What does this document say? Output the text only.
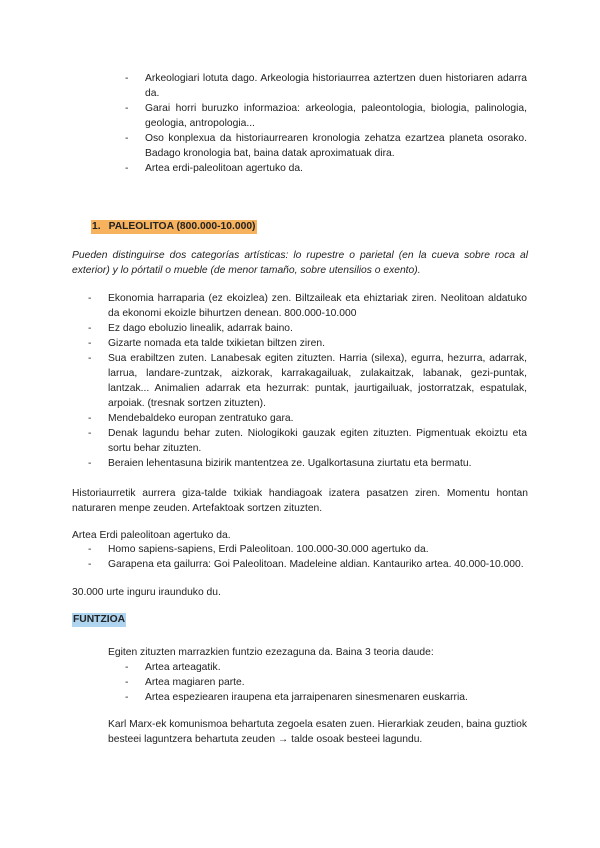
- Arkeologiari lotuta dago. Arkeologia historiaurrea aztertzen duen historiaren adarra da.
- Garai horri buruzko informazioa: arkeologia, paleontologia, biologia, palinologia, geologia, antropologia...
- Oso konplexua da historiaurrearen kronologia zehatza ezartzea planeta osorako. Badago kronologia bat, baina datak aproximatuak dira.
- Artea erdi-paleolitoan agertuko da.
1. PALEOLITOA (800.000-10.000)
Pueden distinguirse dos categorías artísticas: lo rupestre o parietal (en la cueva sobre roca al exterior) y lo pórtatil o mueble (de menor tamaño, sobre utensilios o exento).
- Ekonomia harraparia (ez ekoizlea) zen. Biltzaileak eta ehiztariak ziren. Neolitoan aldatuko da ekonomi ekoizle bihurtzen denean. 800.000-10.000
- Ez dago eboluzio linealik, adarrak baino.
- Gizarte nomada eta talde txikietan biltzen ziren.
- Sua erabiltzen zuten. Lanabesak egiten zituzten. Harria (silexa), egurra, hezurra, adarrak, larrua, landare-zuntzak, aizkorak, karrakagailuak, zulakaitzak, labanak, gezi-puntak, lantzak... Animalien adarrak eta hezurrak: puntak, jaurtigailuak, jostorratzak, espatulak, arpoiak. (tresnak sortzen zituzten).
- Mendebaldeko europan zentratuko gara.
- Denak lagundu behar zuten. Niologikoki gauzak egiten zituzten. Pigmentuak ekoiztu eta sortu behar zituzten.
- Beraien lehentasuna bizirik mantentzea ze. Ugalkortasuna ziurtatu eta bermatu.
Historiaurretik aurrera giza-talde txikiak handiagoak izatera pasatzen ziren. Momentu hontan naturaren menpe zeuden. Artefaktoak sortzen zituzten.
Artea Erdi paleolitoan agertuko da.
- Homo sapiens-sapiens, Erdi Paleolitoan. 100.000-30.000 agertuko da.
- Garapena eta gailurra: Goi Paleolitoan. Madeleine aldian. Kantauriko artea. 40.000-10.000.
30.000 urte inguru iraunduko du.
FUNTZIOA
Egiten zituzten marrazkien funtzio ezezaguna da. Baina 3 teoria daude:
- Artea arteagatik.
- Artea magiaren parte.
- Artea espeziearen iraupena eta jarraipenaren sinesmenaren euskarria.
Karl Marx-ek komunismoa behartuta zegoela esaten zuen. Hierarkiak zeuden, baina guztiok besteei laguntzera behartuta zeuden → talde osoak besteei lagundu.
